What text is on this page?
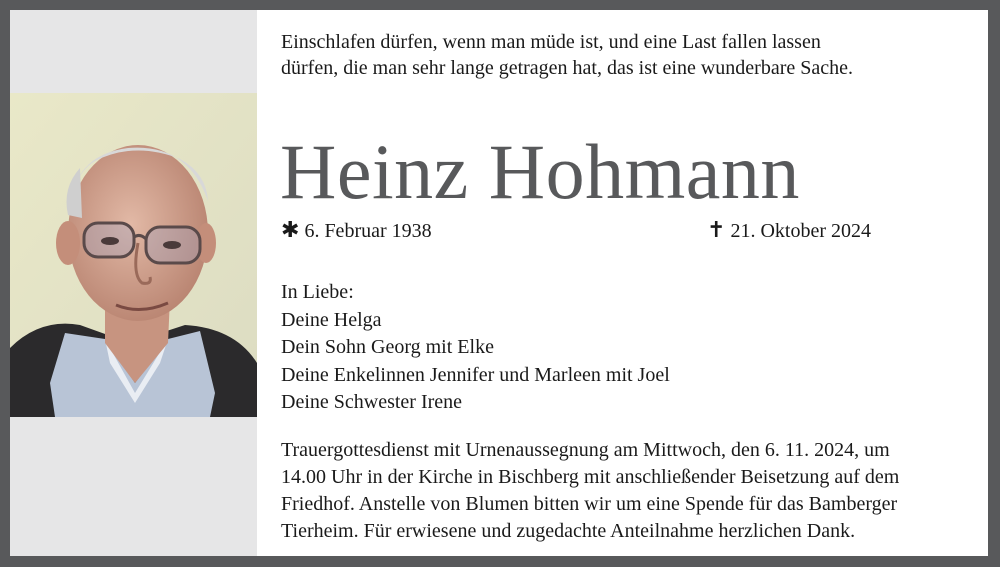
Einschlafen dürfen, wenn man müde ist, und eine Last fallen lassen
dürfen, die man sehr lange getragen hat, das ist eine wunderbare Sache.
Heinz Hohmann
✱ 6. Februar 1938	✝ 21. Oktober 2024
In Liebe:
Deine Helga
Dein Sohn Georg mit Elke
Deine Enkelinnen Jennifer und Marleen mit Joel
Deine Schwester Irene
Trauergottesdienst mit Urnenaussegnung am Mittwoch, den 6. 11. 2024, um
14.00 Uhr in der Kirche in Bischberg mit anschließender Beisetzung auf dem
Friedhof. Anstelle von Blumen bitten wir um eine Spende für das Bamberger
Tierheim. Für erwiesene und zugedachte Anteilnahme herzlichen Dank.
